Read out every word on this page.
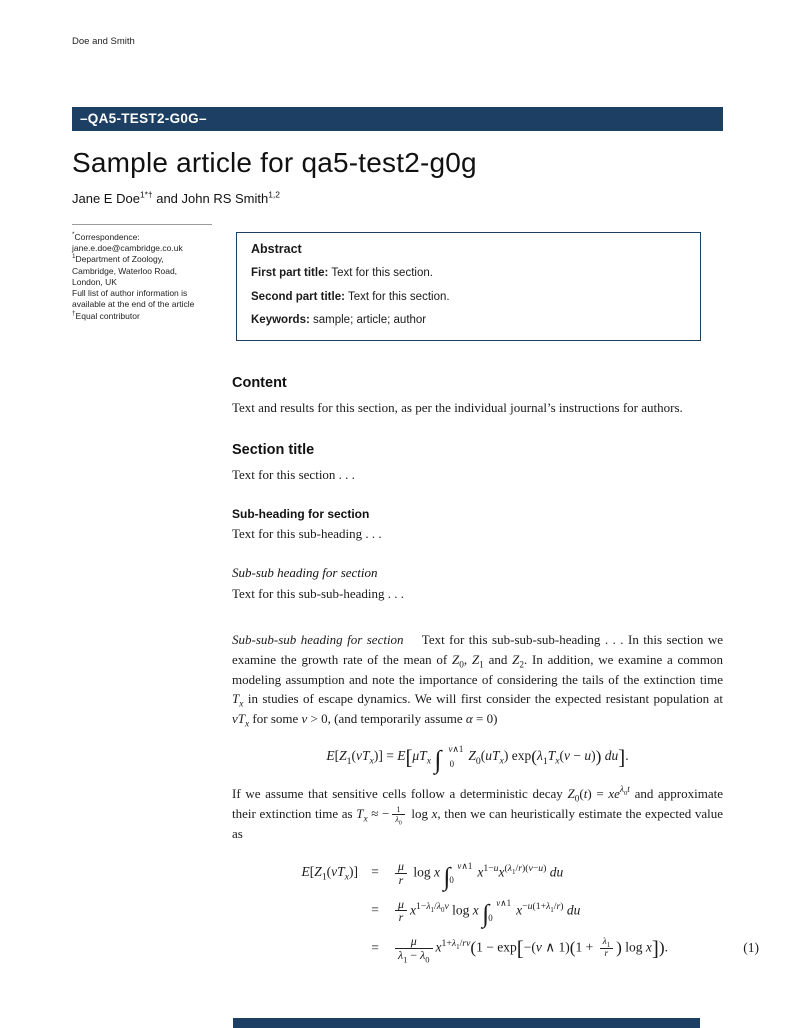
Doe and Smith
–QA5-TEST2-G0G–
Sample article for qa5-test2-g0g
Jane E Doe$^{1*\dagger}$ and John RS Smith$^{1,2}$
*Correspondence:
jane.e.doe@cambridge.co.uk
$^1$Department of Zoology,
Cambridge, Waterloo Road,
London, UK
Full list of author information is
available at the end of the article
†Equal contributor
Abstract

First part title: Text for this section.

Second part title: Text for this section.

Keywords: sample; article; author

Content

Text and results for this section, as per the individual journal’s instructions for authors.

Section title

Text for this section . . .

Sub-heading for section

Text for this sub-heading . . .

Sub-sub heading for section

Text for this sub-sub-heading . . .

Sub-sub-sub heading for section Text for this sub-sub-sub-heading . . . In this section we examine the growth rate of the mean of $Z_0$, $Z_1$ and $Z_2$. In addition, we examine a common modeling assumption and note the importance of considering the tails of the extinction time $T_x$ in studies of escape dynamics. We will first consider the expected resistant population at $vT_x$ for some v > 0, (and temporarily assume α = 0)

$E[Z_1(vT_x)] = E[\mu T_x$ ∫ v∧1
0
$Z_0(uT_x) \exp(\lambda_1T_x(v - u))$ du].

If we assume that sensitive cells follow a deterministic decay $Z_0(t) = xe^{\lambda_0t}$ and approximate their extinction time as $T_x$ ≈ − $\frac{1}{\lambda_0}$ log x, then we can heuristically estimate the expected value as

$E[Z_1(vT_x)]$ =	$\frac{\mu}{r}$ log x ∫ v∧1
0
$x^{1-u}x^{(\lambda_1/r)(v-u)}$ du
=	$\frac{\mu}{r} x^{1-\lambda_1/\lambda_0v}$ log x ∫ v∧1
0
$x^{-u(1+\lambda_1/r)}$ du
=	$\frac{\mu}{\lambda_1 - \lambda_0} x^{1+\lambda_1/rv}(1 - \exp[-(v$ ∧ $1)(1 + \frac{\lambda_1}{r}$ ) log x]).	(1)
